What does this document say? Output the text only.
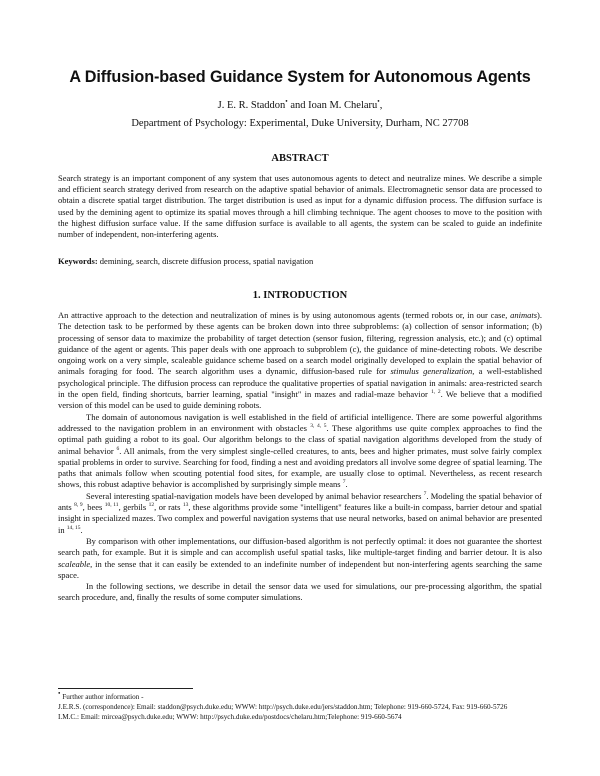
A Diffusion-based Guidance System for Autonomous Agents
J. E. R. Staddon• and Ioan M. Chelaru•,
Department of Psychology: Experimental, Duke University, Durham, NC 27708
ABSTRACT

Search strategy is an important component of any system that uses autonomous agents to detect and neutralize mines. We describe a simple and efficient search strategy derived from research on the adaptive spatial behavior of animals. Electromagnetic sensor data are processed to obtain a discrete spatial target distribution. The target distribution is used as input for a dynamic diffusion process. The diffusion surface is used by the demining agent to optimize its spatial moves through a hill climbing technique. The agent chooses to move to the position with the highest diffusion surface value. If the same diffusion surface is available to all agents, the system can be scaled to guide an indefinite number of independent, non-interfering agents.

Keywords: demining, search, discrete diffusion process, spatial navigation

1. INTRODUCTION

An attractive approach to the detection and neutralization of mines is by using autonomous agents (termed robots or, in our case, animats). The detection task to be performed by these agents can be broken down into three subproblems: (a) collection of sensor information; (b) processing of sensor data to maximize the probability of target detection (sensor fusion, filtering, regression analysis, etc.); and (c) optimal guidance of the agent or agents. This paper deals with one approach to subproblem (c), the guidance of mine-detecting robots. We describe ongoing work on a very simple, scaleable guidance scheme based on a search model originally developed to explain the spatial behavior of animals foraging for food. The search algorithm uses a dynamic, diffusion-based rule for stimulus generalization, a well-established psychological principle. The diffusion process can reproduce the qualitative properties of spatial navigation in animals: area-restricted search in the open field, finding shortcuts, barrier learning, spatial "insight" in mazes and radial-maze behavior $^{1, 2}$. We believe that a modified version of this model can be used to guide demining robots.

The domain of autonomous navigation is well established in the field of artificial intelligence. There are some powerful algorithms addressed to the navigation problem in an environment with obstacles $^{3, 4, 5}$. These algorithms use quite complex approaches to find the optimal path guiding a robot to its goal. Our algorithm belongs to the class of spatial navigation algorithms developed from the study of animal behavior $^6$. All animals, from the very simplest single-celled creatures, to ants, bees and higher primates, must solve fairly complex spatial problems in order to survive. Searching for food, finding a nest and avoiding predators all involve some degree of spatial learning. The paths that animals follow when scouting potential food sites, for example, are usually close to optimal. Nevertheless, as recent research shows, this robust adaptive behavior is accomplished by surprisingly simple means $^7$.

Several interesting spatial-navigation models have been developed by animal behavior researchers $^7$. Modeling the spatial behavior of ants $^{8, 9}$, bees $^{10, 11}$, gerbils $^{12}$, or rats $^{13}$, these algorithms provide some "intelligent" features like a built-in compass, barrier detour and spatial insight in specialized mazes. Two complex and powerful navigation systems that use neural networks, based on animal behavior are presented in $^{14, 15}$.

By comparison with other implementations, our diffusion-based algorithm is not perfectly optimal: it does not guarantee the shortest search path, for example. But it is simple and can accomplish useful spatial tasks, like multiple-target finding and barrier detour. It is also scaleable, in the sense that it can easily be extended to an indefinite number of independent but non-interfering agents searching the same space.

In the following sections, we describe in detail the sensor data we used for simulations, our pre-processing algorithm, the spatial search procedure, and, finally the results of some computer simulations.

• Further author information -
J.E.R.S. (correspondence): Email: staddon@psych.duke.edu; WWW: http://psych.duke.edu/jers/staddon.htm; Telephone: 919-660-5724, Fax: 919-660-5726
I.M.C.: Email: mircea@psych.duke.edu; WWW: http://psych.duke.edu/postdocs/chelaru.htm;Telephone: 919-660-5674
